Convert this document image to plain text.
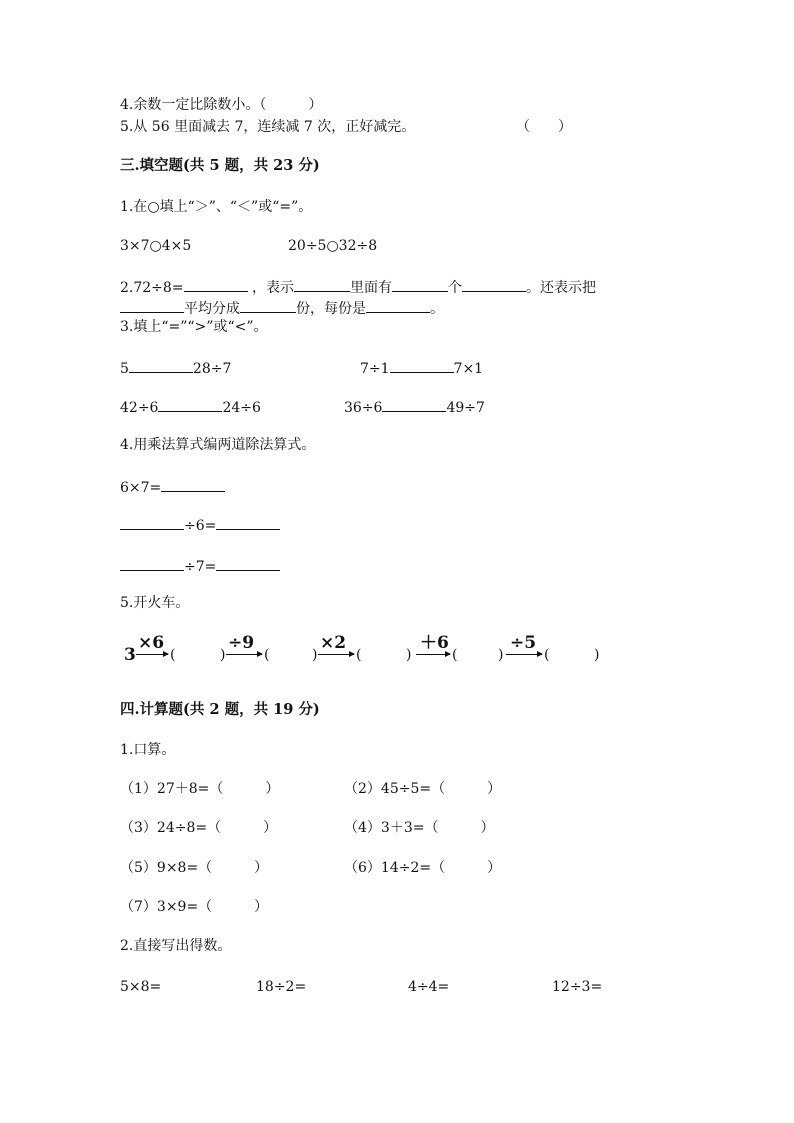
4.余数一定比除数小。（　　　）
5.从 56 里面减去 7，连续减 7 次，正好减完。	（　　）
三.填空题(共 5 题，共 23 分)
1.在○填上“＞”、“＜”或“=”。
3×7○4×5	20÷5○32÷8
2.72÷8=	，表示	里面有	个	。还表示把
平均分成	份，每份是	。
3.填上“=”“>”或“<”。
5	28÷7	7÷1	7×1
42÷6	24÷6	36÷6	49÷7
4.用乘法算式编两道除法算式。
6×7=
÷6=
÷7=
5.开火车。
3
×6
(	)
÷9
(	)
×2
(	)
＋6
(	)
÷5
(	)
四.计算题(共 2 题，共 19 分)
1.口算。
（1）27＋8=（　　　）	（2）45÷5=（　　　）
（3）24÷8=（　　　）	（4）3＋3=（　　　）
（5）9×8=（　　　）	（6）14÷2=（　　　）
（7）3×9=（　　　）
2.直接写出得数。
5×8=	18÷2=	4÷4=	12÷3=
